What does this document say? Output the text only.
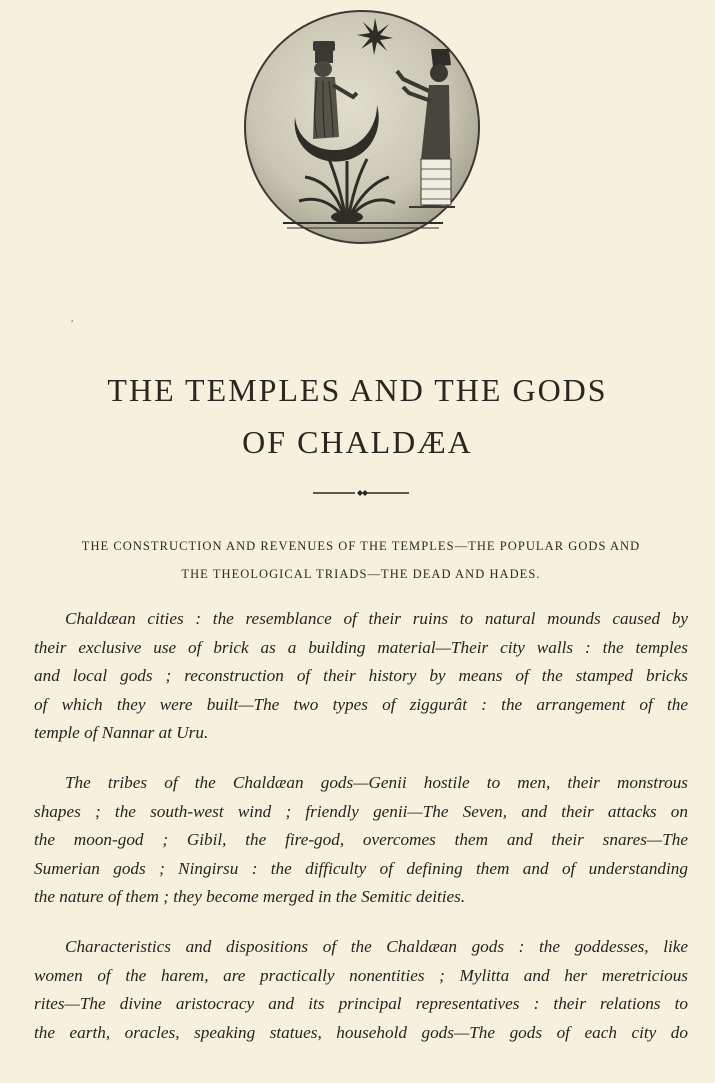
,
THE TEMPLES AND THE GODS
OF CHALDÆA
THE CONSTRUCTION AND REVENUES OF THE TEMPLES—THE POPULAR GODS AND
THE THEOLOGICAL TRIADS—THE DEAD AND HADES.
Chaldæan cities : the resemblance of their ruins to natural mounds caused by
their exclusive use of brick as a building material—Their city walls : the temples
and local gods ; reconstruction of their history by means of the stamped bricks
of which they were built—The two types of ziggurât : the arrangement of the
temple of Nannar at Uru.
The tribes of the Chaldæan gods—Genii hostile to men, their monstrous
shapes ; the south-west wind ; friendly genii—The Seven, and their attacks on
the moon-god ; Gibil, the fire-god, overcomes them and their snares—The
Sumerian gods ; Ningirsu : the difficulty of defining them and of understanding
the nature of them ; they become merged in the Semitic deities.
Characteristics and dispositions of the Chaldæan gods : the goddesses, like
women of the harem, are practically nonentities ; Mylitta and her meretricious
rites—The divine aristocracy and its principal representatives : their relations to
the earth, oracles, speaking statues, household gods—The gods of each city do
